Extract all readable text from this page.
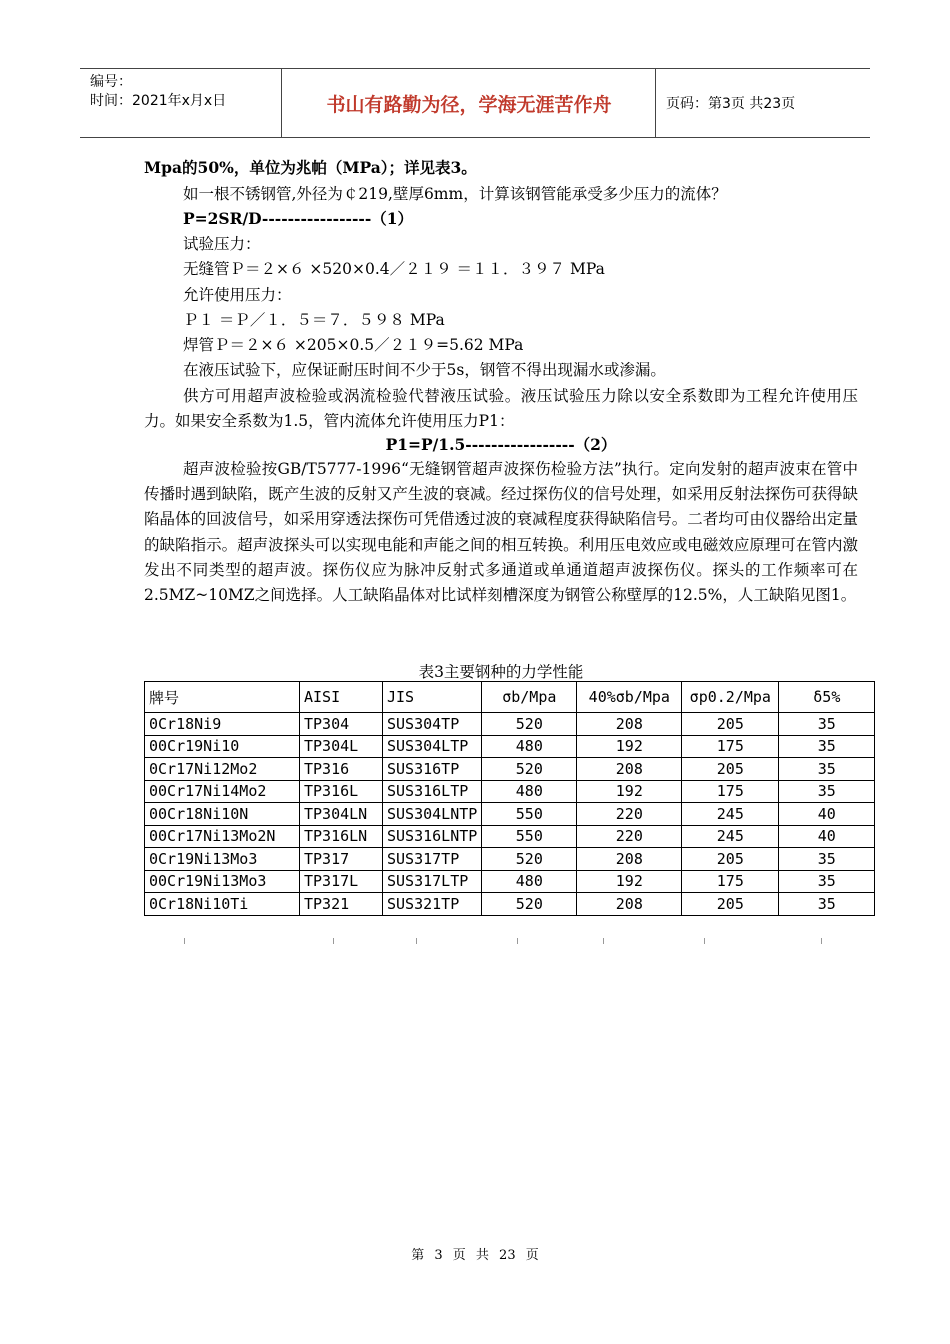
编号：
时间：2021年x月x日	书山有路勤为径，学海无涯苦作舟	页码：第3页 共23页
Mpa的50%，单位为兆帕（MPa）；详见表3。
如一根不锈钢管,外径为￠219,壁厚6mm，计算该钢管能承受多少压力的流体？
P=2SR/D-----------------（1）
试验压力：
无缝管Ｐ＝２×６ ×520×0.4／２１９ ＝１１．３９７ MPa
允许使用压力：
Ｐ１ ＝Ｐ／１．５＝７．５９８ MPa
焊管Ｐ＝２×６ ×205×0.5／２１９=5.62 MPa
在液压试验下，应保证耐压时间不少于5s，钢管不得出现漏水或渗漏。
供方可用超声波检验或涡流检验代替液压试验。液压试验压力除以安全系数即为工程允许使用压力。如果安全系数为1.5，管内流体允许使用压力P1：
P1=P/1.5-----------------（2）
超声波检验按GB/T5777-1996“无缝钢管超声波探伤检验方法”执行。定向发射的超声波束在管中传播时遇到缺陷，既产生波的反射又产生波的衰减。经过探伤仪的信号处理，如采用反射法探伤可获得缺陷晶体的回波信号，如采用穿透法探伤可凭借透过波的衰减程度获得缺陷信号。二者均可由仪器给出定量的缺陷指示。超声波探头可以实现电能和声能之间的相互转换。利用压电效应或电磁效应原理可在管内激发出不同类型的超声波。探伤仪应为脉冲反射式多通道或单通道超声波探伤仪。探头的工作频率可在2.5MZ~10MZ之间选择。人工缺陷晶体对比试样刻槽深度为钢管公称壁厚的12.5%，人工缺陷见图1。
表3主要钢种的力学性能
牌号	AISI	JIS	σb/Mpa	40%σb/Mpa	σp0.2/Mpa	δ5%
0Cr18Ni9	TP304	SUS304TP	520	208	205	35
00Cr19Ni10	TP304L	SUS304LTP	480	192	175	35
0Cr17Ni12Mo2	TP316	SUS316TP	520	208	205	35
00Cr17Ni14Mo2	TP316L	SUS316LTP	480	192	175	35
00Cr18Ni10N	TP304LN	SUS304LNTP	550	220	245	40
00Cr17Ni13Mo2N	TP316LN	SUS316LNTP	550	220	245	40
0Cr19Ni13Mo3	TP317	SUS317TP	520	208	205	35
00Cr19Ni13Mo3	TP317L	SUS317LTP	480	192	175	35
0Cr18Ni10Ti	TP321	SUS321TP	520	208	205	35
第 3 页 共 23 页
